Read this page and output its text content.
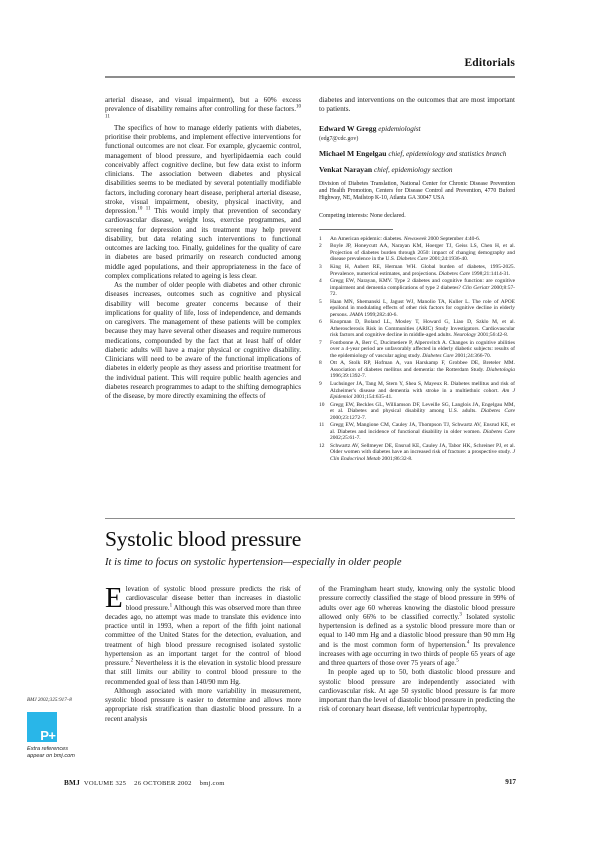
Editorials

arterial disease, and visual impairment), but a 60% excess prevalence of disability remains after controlling for these factors.$^{10 11}$

The specifics of how to manage elderly patients with diabetes, prioritise their problems, and implement effective interventions for functional outcomes are not clear. For example, glycaemic control, management of blood pressure, and hyerlipidaemia each could conceivably affect cognitive decline, but few data exist to inform clinicians. The association between diabetes and physical disabilities seems to be mediated by several potentially modifiable factors, including coronary heart disease, peripheral arterial disease, stroke, visual impairment, obesity, physical inactivity, and depression.$^{10 11}$ This would imply that prevention of secondary cardiovascular disease, weight loss, exercise programmes, and screening for depression and its treatment may help prevent disability, but data relating such interventions to functional outcomes are lacking too. Finally, guidelines for the quality of care in diabetes are based primarily on research conducted among middle aged populations, and their appropriateness in the face of complex complications related to ageing is less clear.

As the number of older people with diabetes and other chronic diseases increases, outcomes such as cognitive and physical disability will become greater concerns because of their implications for quality of life, loss of independence, and demands on caregivers. The management of these patients will be complex because they may have several other diseases and require numerous medications, compounded by the fact that at least half of older diabetic adults will have a major physical or cognitive disability. Clinicians will need to be aware of the functional implications of diabetes in elderly people as they assess and prioritise treatment for the individual patient. This will require public health agencies and diabetes research programmes to adapt to the shifting demographics of the disease, by more directly examining the effects of

diabetes and interventions on the outcomes that are most important to patients.

Edward W Gregg epidemiologist

(edg7@cdc.gov)

Michael M Engelgau chief, epidemiology and statistics branch

Venkat Narayan chief, epidemiology section

Division of Diabetes Translation, National Center for Chronic Disease Prevention and Health Promotion, Centers for Disease Control and Prevention, 4770 Buford Highway, NE, Mailstop K-10, Atlanta GA 30047 USA

Competing interests: None declared.

An American epidemic: diabetes. Newsweek 2000 September 4:40-6.
Boyle JP, Honeycutt AA, Narayan KM, Hoerger TJ, Geiss LS, Chen H, et al. Projection of diabetes burden through 2050: impact of changing demography and disease prevalence in the U.S. Diabetes Care 2001;24:1936-40.
King H, Aubert RE, Herman WH. Global burden of diabetes, 1995-2025. Prevalence, numerical estimates, and projections. Diabetes Care 1998;21:1414-31.
Gregg EW, Narayan, KMV. Type 2 diabetes and cognitive function: are cognitive impairment and dementia complications of type 2 diabetes? Clin Geriatr 2000;8:57-72.
Haan MN, Shemanski L, Jagust WJ, Manolio TA, Kuller L. The role of APOE epsilon4 in modulating effects of other risk factors for cognitive decline in elderly persons. JAMA 1999;282:40-6.
Knopman D, Boland LL, Mosley T, Howard G, Liao D, Szklo M, et al. Atherosclerosis Risk in Communities (ARIC) Study Investigators. Cardiovascular risk factors and cognitive decline in middle-aged adults. Neurology 2001;56:42-8.
Fontbonne A, Berr C, Ducimetiere P, Alperovitch A. Changes in cognitive abilities over a 4-year period are unfavorably affected in elderly diabetic subjects: results of the epidemiology of vascular aging study. Diabetes Care 2001;24:366-70.
Ott A, Stolk RP, Hofman A, van Harskamp F, Grobbee DE, Breteler MM. Association of diabetes mellitus and dementia: the Rotterdam Study. Diabetologia 1996;39:1392-7.
Luchsinger JA, Tang M, Stern Y, Shea S, Mayeux R. Diabetes mellitus and risk of Alzheimer's disease and dementia with stroke in a multiethnic cohort. Am J Epidemiol 2001;154:635-41.
Gregg EW, Beckles GL, Williamson DF, Leveille SG, Langlois JA, Engelgau MM, et al. Diabetes and physical disability among U.S. adults. Diabetes Care 2000;23:1272-7.
Gregg EW, Mangione CM, Cauley JA, Thompson TJ, Schwartz AV, Ensrud KE, et al. Diabetes and incidence of functional disability in older women. Diabetes Care 2002;25:61-7.
Schwartz AV, Sellmeyer DE, Ensrud KE, Cauley JA, Tabor HK, Schreiner PJ, et al. Older women with diabetes have an increased risk of fracture: a prospective study. J Clin Endocrinol Metab 2001;86:32-8.
Systolic blood pressure

It is time to focus on systolic hypertension—especially in older people

Elevation of systolic blood pressure predicts the risk of cardiovascular disease better than increases in diastolic blood pressure.$^1$ Although this was observed more than three decades ago, no attempt was made to translate this evidence into practice until in 1993, when a report of the fifth joint national committee of the United States for the detection, evaluation, and treatment of high blood pressure recognised isolated systolic hypertension as an important target for the control of blood pressure.$^2$ Nevertheless it is the elevation in systolic blood pressure that still limits our ability to control blood pressure to the recommended goal of less than 140/90 mm Hg.

Although associated with more variability in measurement, systolic blood pressure is easier to determine and allows more appropriate risk stratification than diastolic blood pressure. In a recent analysis

of the Framingham heart study, knowing only the systolic blood pressure correctly classified the stage of blood pressure in 99% of adults over age 60 whereas knowing the diastolic blood pressure allowed only 66% to be classified correctly.$^3$ Isolated systolic hypertension is defined as a systolic blood pressure more than or equal to 140 mm Hg and a diastolic blood pressure than 90 mm Hg and is the most common form of hypertension.$^4$ Its prevalence increases with age occurring in two thirds of people 65 years of age and three quarters of those over 75 years of age.$^5$

In people aged up to 50, both diastolic blood pressure and systolic blood pressure are independently associated with cardiovascular risk. At age 50 systolic blood pressure is far more important than the level of diastolic blood pressure in predicting the risk of coronary heart disease, left ventricular hypertrophy,

BMJ 2002;325:917–8
P+
Extra references
appear on bmj.com
BMJ VOLUME 325 26 OCTOBER 2002 bmj.com	917
